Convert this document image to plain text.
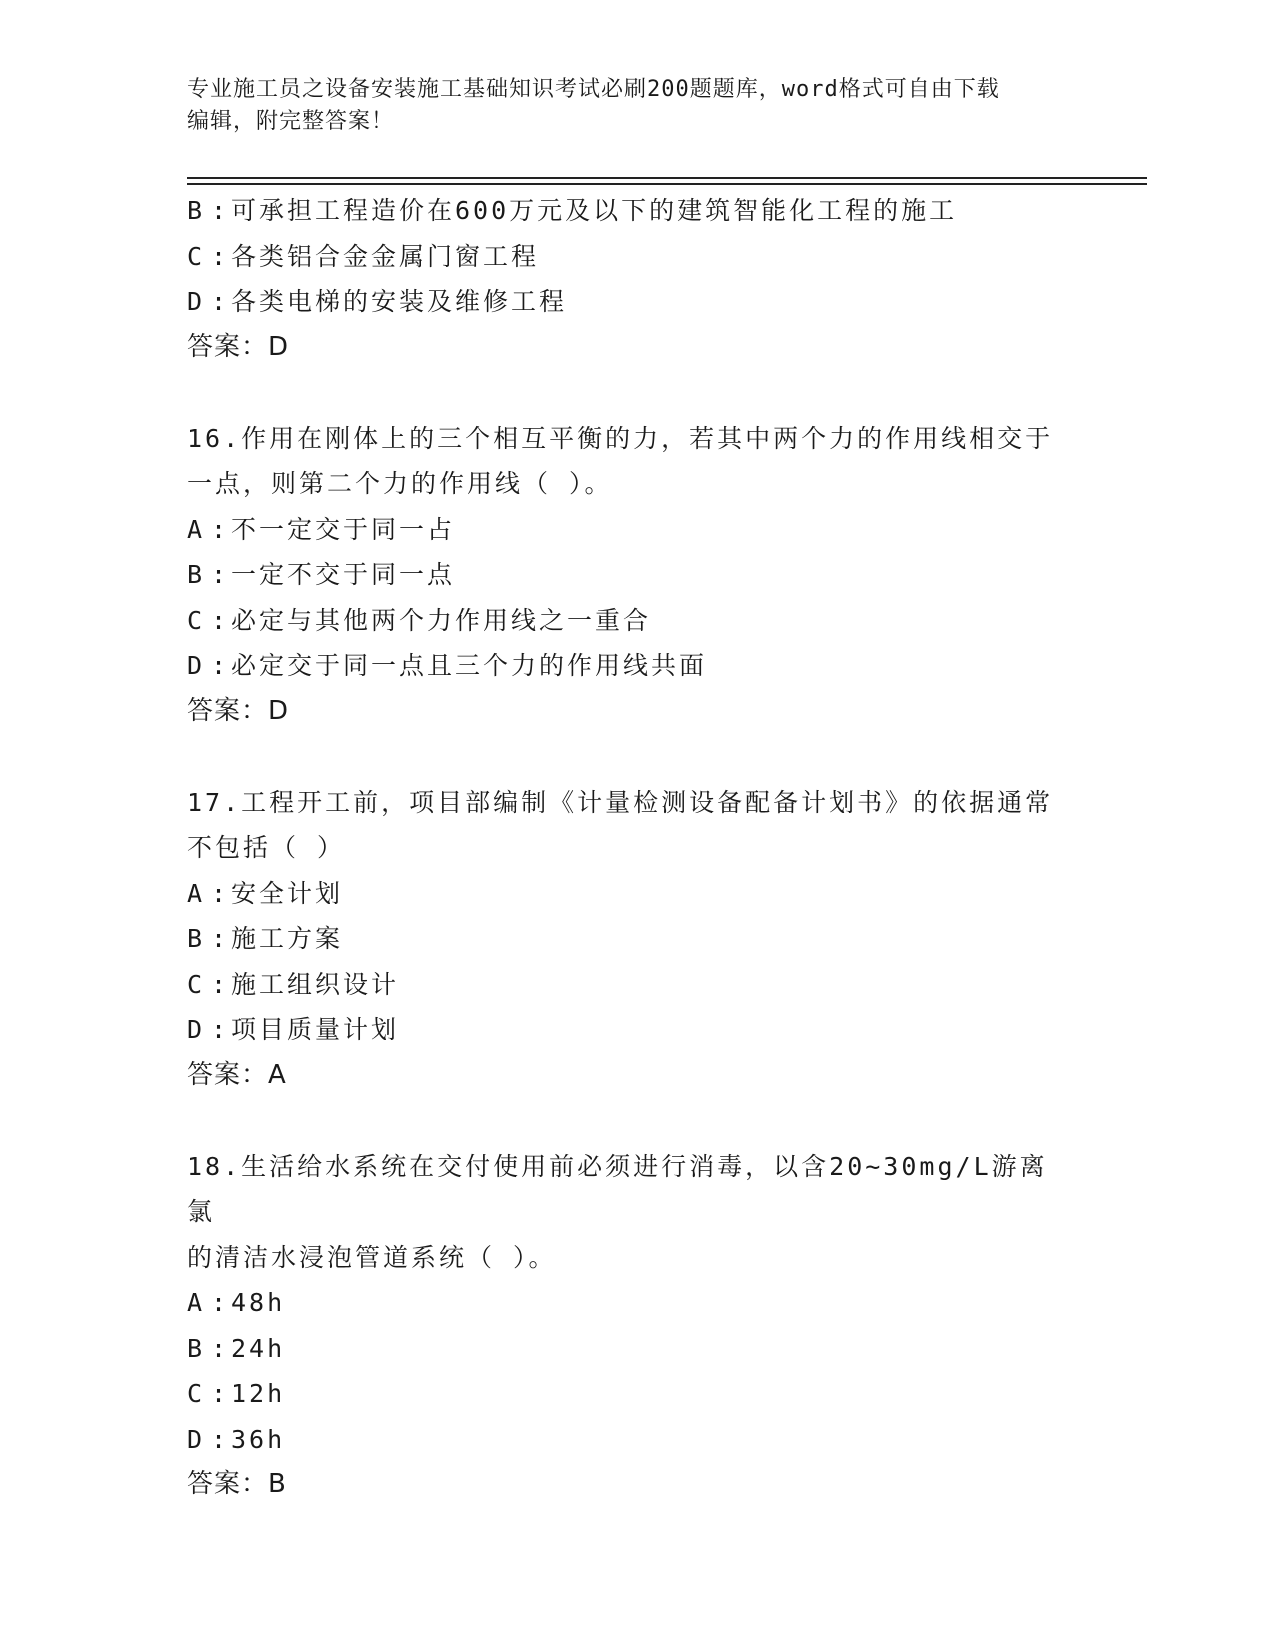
专业施工员之设备安装施工基础知识考试必刷200题题库，word格式可自由下载
编辑，附完整答案！
B : 可承担工程造价在600万元及以下的建筑智能化工程的施工
C : 各类铝合金金属门窗工程
D : 各类电梯的安装及维修工程
答案：D
16.作用在刚体上的三个相互平衡的力，若其中两个力的作用线相交于
一点，则第二个力的作用线（ ）。
A : 不一定交于同一占
B : 一定不交于同一点
C : 必定与其他两个力作用线之一重合
D : 必定交于同一点且三个力的作用线共面
答案：D
17.工程开工前，项目部编制《计量检测设备配备计划书》的依据通常
不包括（ ）
A : 安全计划
B : 施工方案
C : 施工组织设计
D : 项目质量计划
答案：A
18.生活给水系统在交付使用前必须进行消毒，以含20~30mg/L游离氯
的清洁水浸泡管道系统（ ）。
A : 48h
B : 24h
C : 12h
D : 36h
答案：B
